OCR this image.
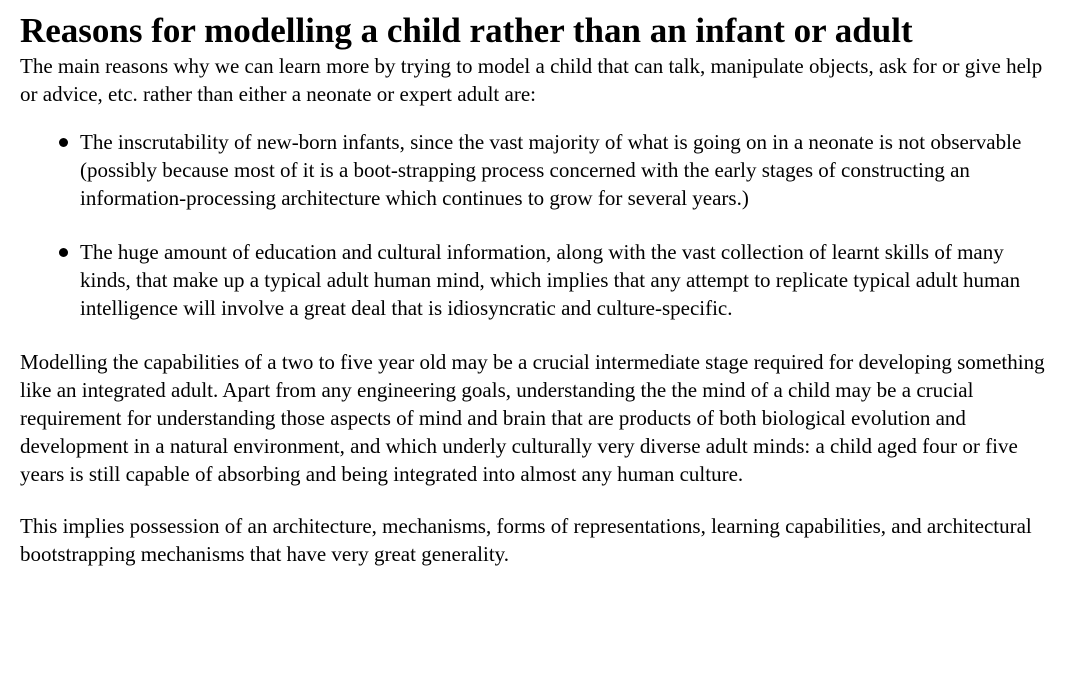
Reasons for modelling a child rather than an infant or adult

The main reasons why we can learn more by trying to model a child that can talk, manipulate objects, ask for or give help or advice, etc. rather than either a neonate or expert adult are:

The inscrutability of new-born infants, since the vast majority of what is going on in a neonate is not observable (possibly because most of it is a boot-strapping process concerned with the early stages of constructing an information-processing architecture which continues to grow for several years.)
The huge amount of education and cultural information, along with the vast collection of learnt skills of many kinds, that make up a typical adult human mind, which implies that any attempt to replicate typical adult human intelligence will involve a great deal that is idiosyncratic and culture-specific.

Modelling the capabilities of a two to five year old may be a crucial intermediate stage required for developing something like an integrated adult. Apart from any engineering goals, understanding the the mind of a child may be a crucial requirement for understanding those aspects of mind and brain that are products of both biological evolution and development in a natural environment, and which underly culturally very diverse adult minds: a child aged four or five years is still capable of absorbing and being integrated into almost any human culture.

This implies possession of an architecture, mechanisms, forms of representations, learning capabilities, and architectural bootstrapping mechanisms that have very great generality.
